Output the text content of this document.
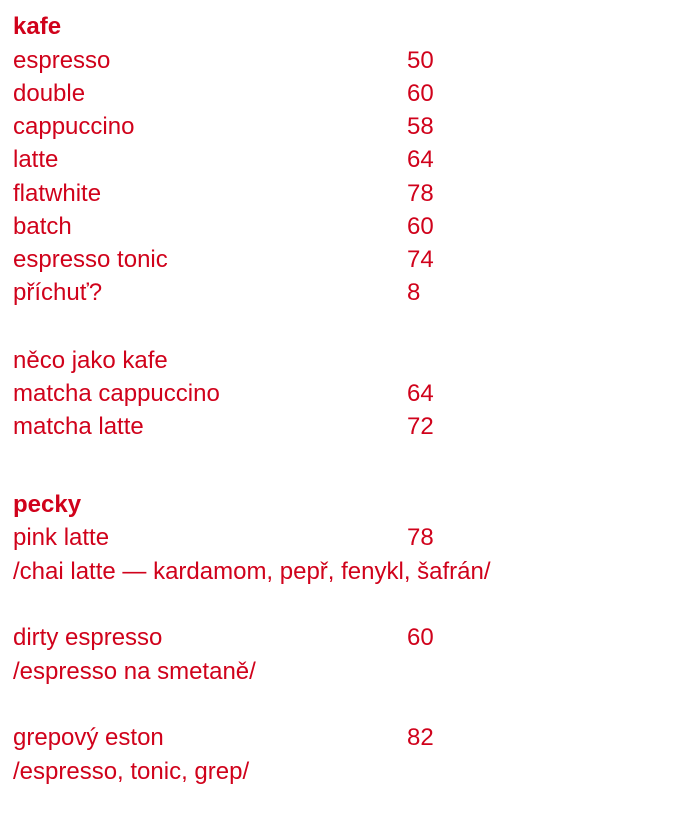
kafe
espresso	50
double	60
cappuccino	58
latte	64
flatwhite	78
batch	60
espresso tonic	74
příchuť?	8
něco jako kafe
matcha cappuccino	64
matcha latte	72
pecky
pink latte	78
/chai latte — kardamom, pepř, fenykl, šafrán/
dirty espresso	60
/espresso na smetaně/
grepový eston	82
/espresso, tonic, grep/
